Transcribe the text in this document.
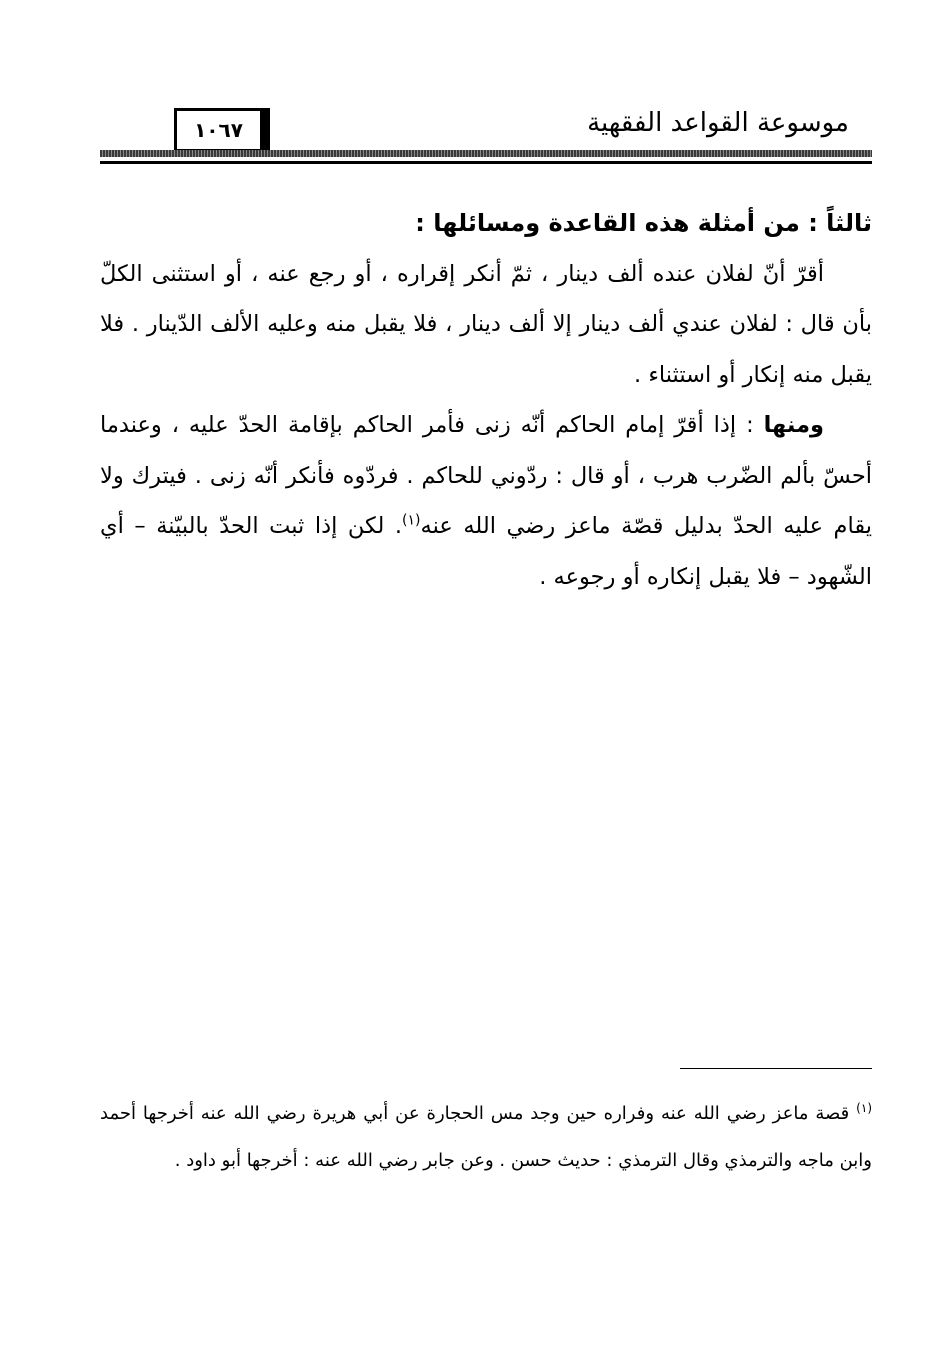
موسوعة القواعد الفقهية
١٠٦٧

ثالثاً : من أمثلة هذه القاعدة ومسائلها :

أقرّ أنّ لفلان عنده ألف دينار ، ثمّ أنكر إقراره ، أو رجع عنه ، أو استثنى الكلّ بأن قال : لفلان عندي ألف دينار إلا ألف دينار ، فلا يقبل منه وعليه الألف الدّينار . فلا يقبل منه إنكار أو استثناء .

ومنها : إذا أقرّ إمام الحاكم أنّه زنى فأمر الحاكم بإقامة الحدّ عليه ، وعندما أحسّ بألم الضّرب هرب ، أو قال : ردّوني للحاكم . فردّوه فأنكر أنّه زنى . فيترك ولا يقام عليه الحدّ بدليل قصّة ماعز رضي الله عنه$^{(١)}$. لكن إذا ثبت الحدّ بالبيّنة – أي الشّهود – فلا يقبل إنكاره أو رجوعه .

$^{(١)}$ قصة ماعز رضي الله عنه وفراره حين وجد مس الحجارة عن أبي هريرة رضي الله عنه أخرجها أحمد وابن ماجه والترمذي وقال الترمذي : حديث حسن . وعن جابر رضي الله عنه : أخرجها أبو داود .
